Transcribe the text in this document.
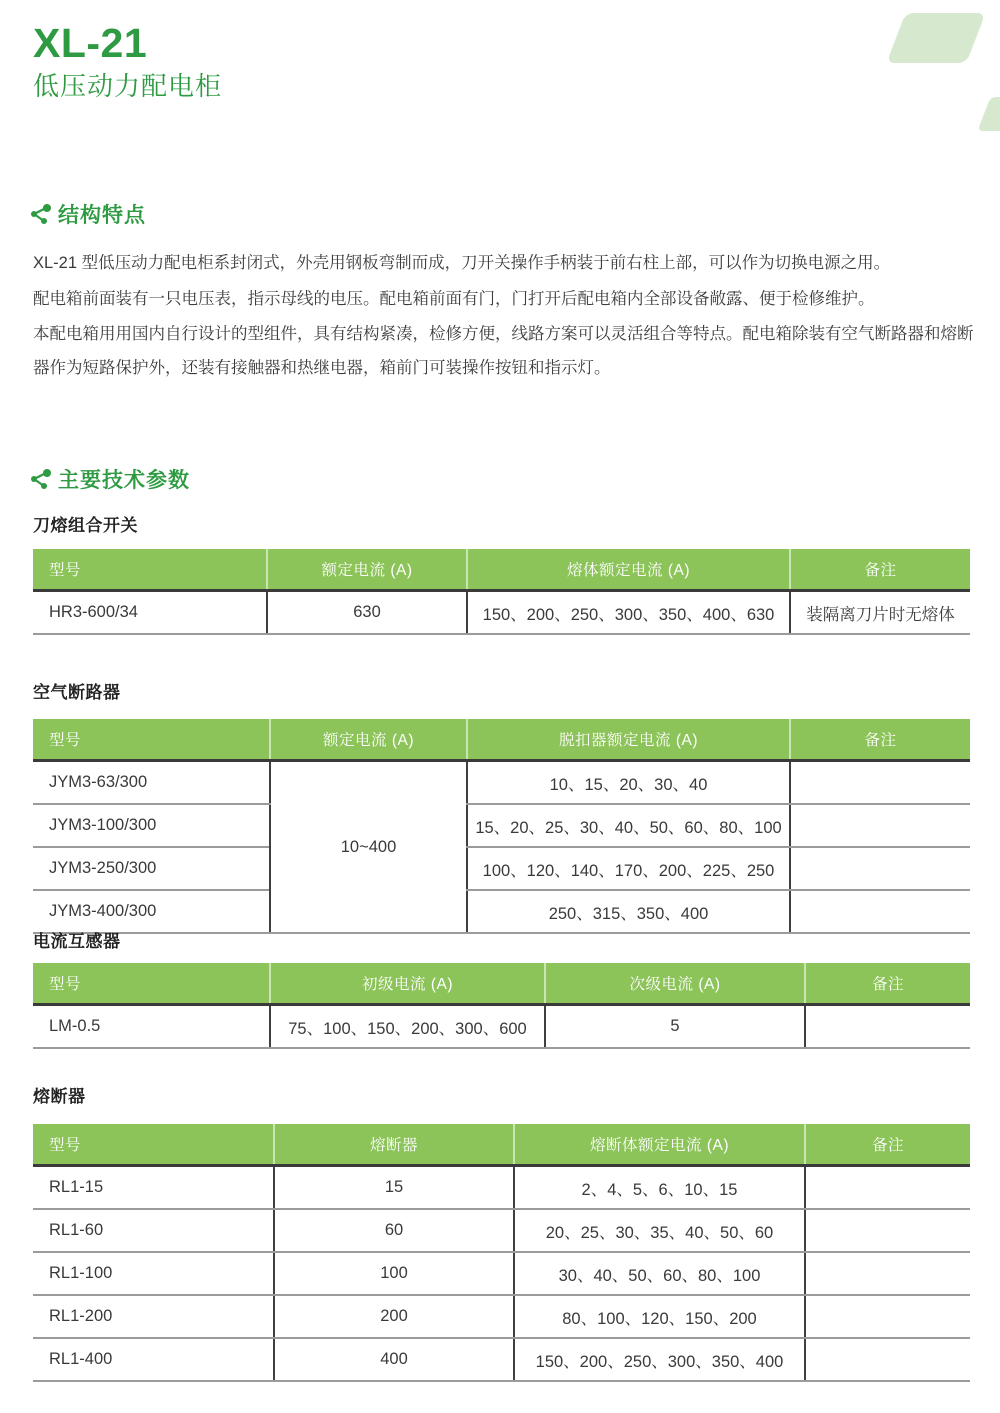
XL-21
低压动力配电柜
结构特点
XL-21 型低压动力配电柜系封闭式，外壳用钢板弯制而成，刀开关操作手柄装于前右柱上部，可以作为切换电源之用。
配电箱前面装有一只电压表，指示母线的电压。配电箱前面有门，门打开后配电箱内全部设备敞露、便于检修维护。
本配电箱用用国内自行设计的型组件，具有结构紧凑，检修方便，线路方案可以灵活组合等特点。配电箱除装有空气断路器和熔断器作为短路保护外，还装有接触器和热继电器，箱前门可装操作按钮和指示灯。
主要技术参数
刀熔组合开关
型号	额定电流 (A)	熔体额定电流 (A)	备注
HR3-600/34	630	150、200、250、300、350、400、630	装隔离刀片时无熔体
空气断路器
型号	额定电流 (A)	脱扣器额定电流 (A)	备注
JYM3-63/300	10~400	10、15、20、30、40	
JYM3-100/300		15、20、25、30、40、50、60、80、100	
JYM3-250/300		100、120、140、170、200、225、250	
JYM3-400/300		250、315、350、400	
电流互感器
型号	初级电流 (A)	次级电流 (A)	备注
LM-0.5	75、100、150、200、300、600	5	
熔断器
型号	熔断器	熔断体额定电流 (A)	备注
RL1-15	15	2、4、5、6、10、15	
RL1-60	60	20、25、30、35、40、50、60	
RL1-100	100	30、40、50、60、80、100	
RL1-200	200	80、100、120、150、200	
RL1-400	400	150、200、250、300、350、400	
